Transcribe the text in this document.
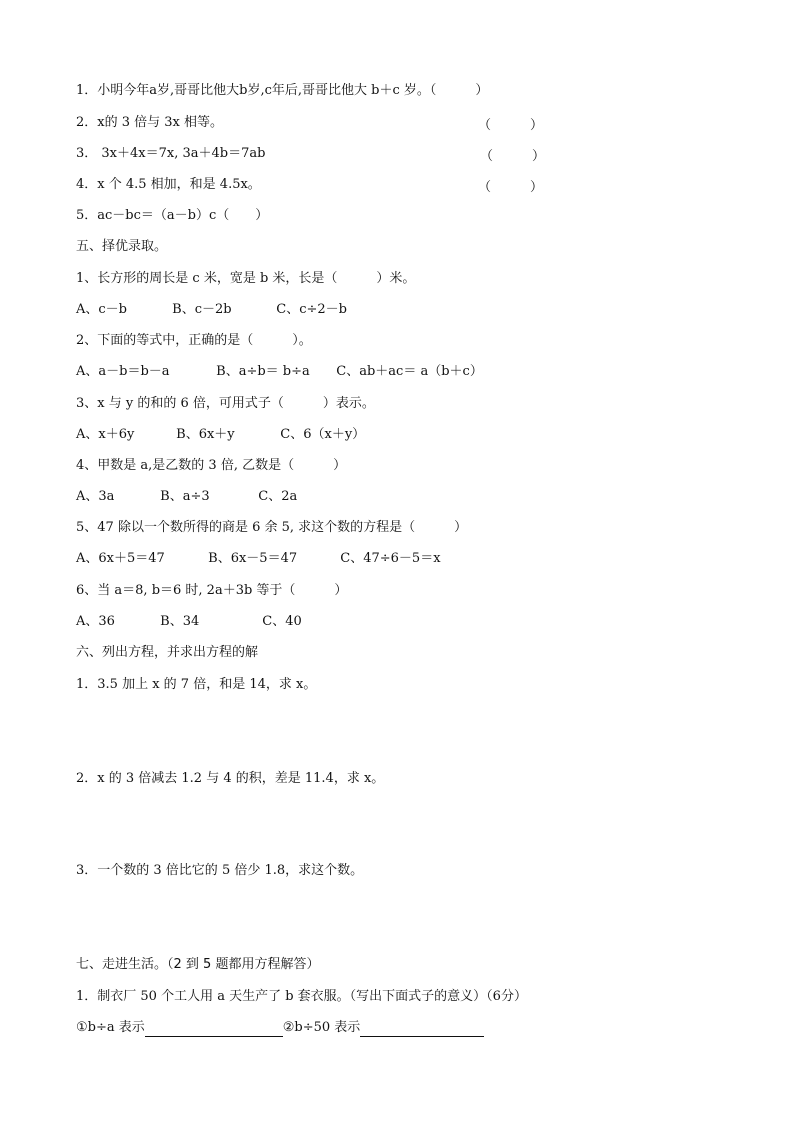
1．小明今年a岁,哥哥比他大b岁,c年后,哥哥比他大 b＋c 岁。（　　　）
2．x的 3 倍与 3x 相等。	（　　　）
3． 3x＋4x＝7x, 3a＋4b＝7ab	（　　　）
4．x 个 4.5 相加，和是 4.5x。	（　　　）
5．ac－bc＝（a－b）c（　　）
五、择优录取。
1、长方形的周长是 c 米，宽是 b 米，长是（　　　）米。
A、c－b	B、c－2b	C、c÷2－b
2、下面的等式中，正确的是（　　　）。
A、a－b＝b－a	B、a÷b＝ b÷a C、ab＋ac＝ a（b＋c）
3、x 与 y 的和的 6 倍，可用式子（　　　）表示。
A、x＋6y	B、6x＋y	C、6（x＋y）
4、甲数是 a,是乙数的 3 倍, 乙数是（　　　）
A、3a	B、a÷3	C、2a
5、47 除以一个数所得的商是 6 余 5, 求这个数的方程是（　　　）
A、6x＋5＝47	B、6x－5＝47	C、47÷6－5＝x
6、当 a＝8, b＝6 时, 2a＋3b 等于（　　　）
A、36	B、34	C、40
六、列出方程，并求出方程的解
1．3.5 加上 x 的 7 倍，和是 14，求 x。
2．x 的 3 倍减去 1.2 与 4 的积，差是 11.4，求 x。
3．一个数的 3 倍比它的 5 倍少 1.8，求这个数。
七、走进生活。（2 到 5 题都用方程解答）
1．制衣厂 50 个工人用 a 天生产了 b 套衣服。（写出下面式子的意义）（6分）
①b÷a 表示	②b÷50 表示
